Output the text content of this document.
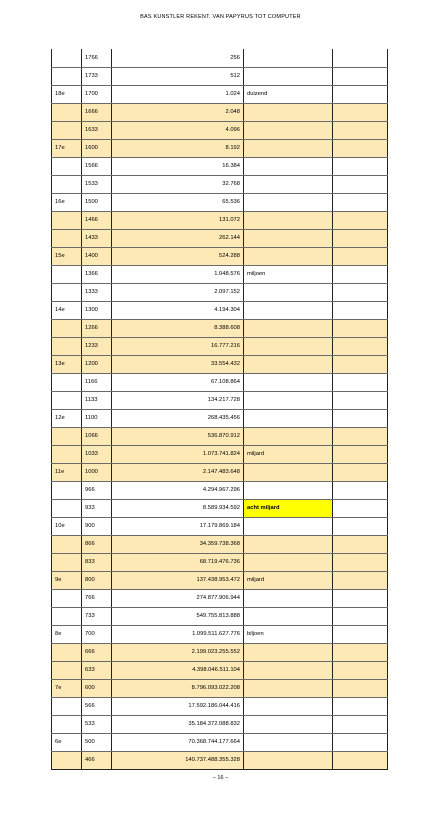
BAS KUNSTLER REKENT. VAN PAPYRUS TOT COMPUTER
	1766	256		
	1733	512		
18e	1700	1.024	duizend	
	1666	2.048		
	1633	4.096		
17e	1600	8.192		
	1566	16.384		
	1533	32.768		
16e	1500	65.536		
	1466	131.072		
	1433	262.144		
15e	1400	524.288		
	1366	1.048.576	miljoen	
	1333	2.097.152		
14e	1300	4.194.304		
	1266	8.388.608		
	1233	16.777.216		
13e	1200	33.554.432		
	1166	67.108.864		
	1133	134.217.728		
12e	1100	268.435.456		
	1066	536.870.912		
	1033	1.073.741.824	miljard	
11e	1000	2.147.483.648		
	966	4.294.967.296		
	933	8.589.934.592	acht miljard	
10e	900	17.179.869.184		
	866	34.359.738.368		
	833	68.719.476.736		
9e	800	137.438.953.472	miljard	
	766	274.877.906.944		
	733	549.755.813.888		
8e	700	1.099.511.627.776	biljoen	
	666	2.199.023.255.552		
	633	4.398.046.511.104		
7e	600	8.796.093.022.208		
	566	17.592.186.044.416		
	533	35.184.372.088.832		
6e	500	70.368.744.177.664		
	466	140.737.488.355.328		
– 16 –
